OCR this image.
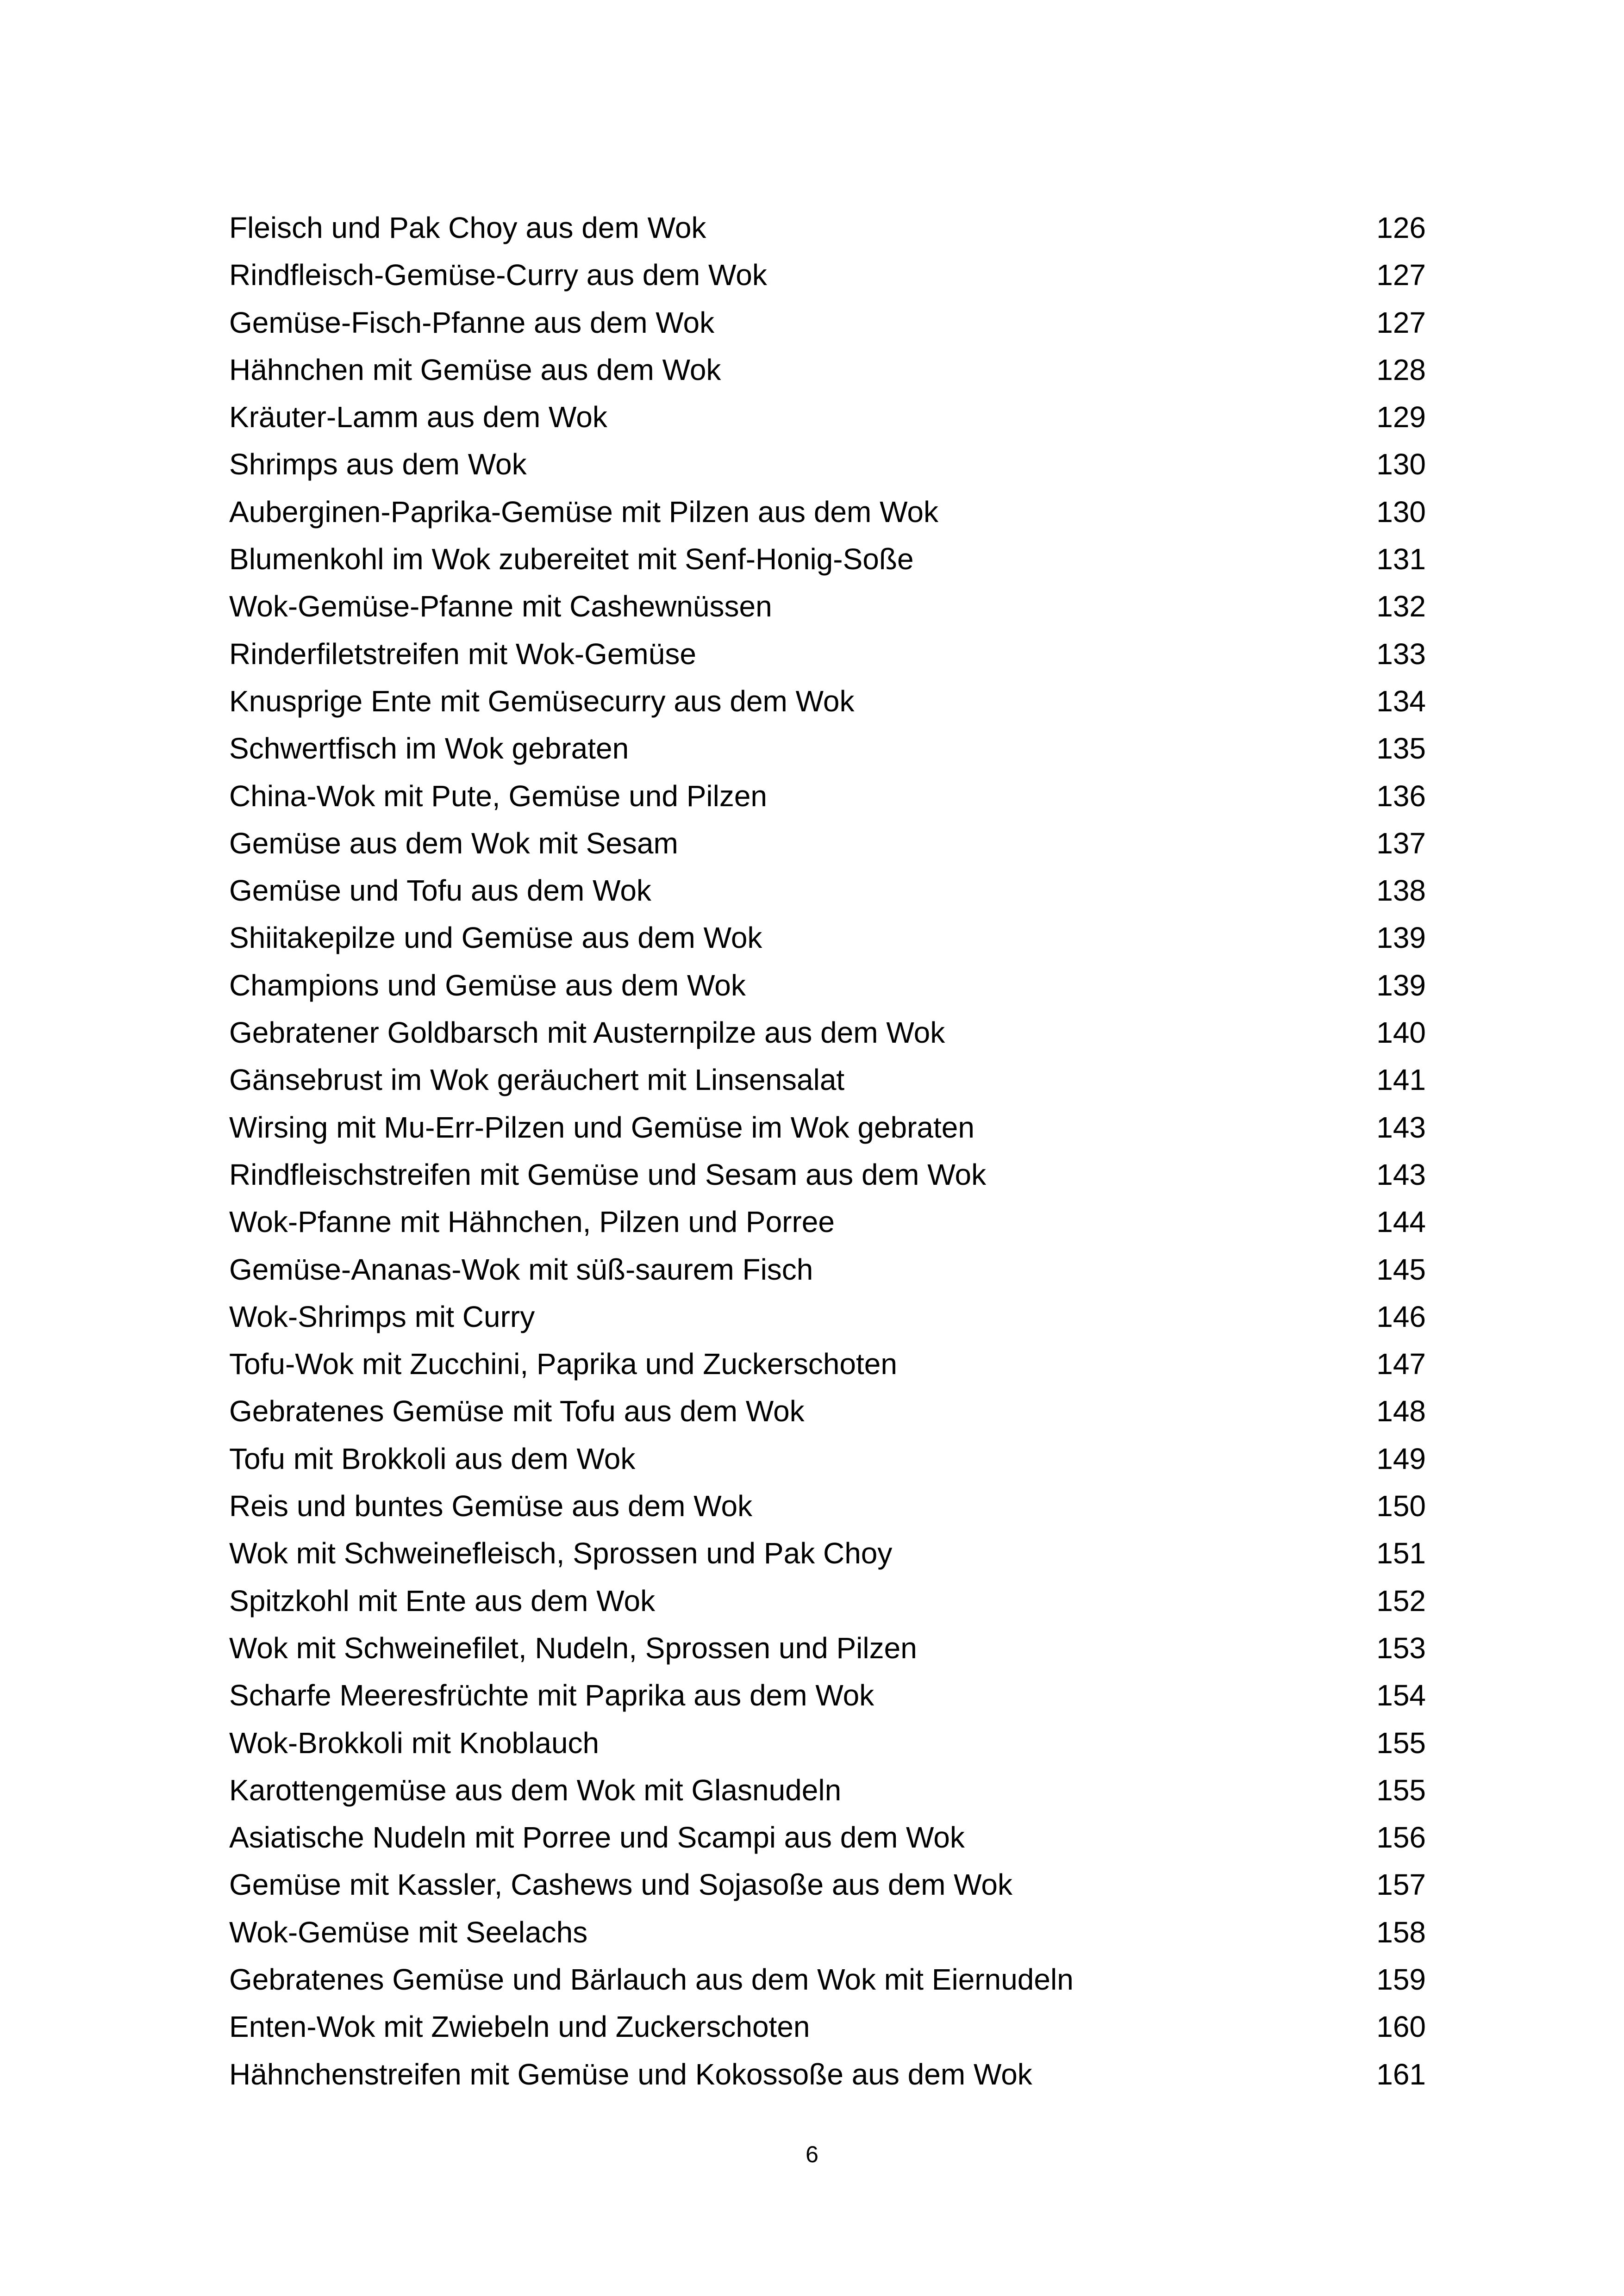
Fleisch und Pak Choy aus dem Wok	126
Rindfleisch-Gemüse-Curry aus dem Wok	127
Gemüse-Fisch-Pfanne aus dem Wok	127
Hähnchen mit Gemüse aus dem Wok	128
Kräuter-Lamm aus dem Wok	129
Shrimps aus dem Wok	130
Auberginen-Paprika-Gemüse mit Pilzen aus dem Wok	130
Blumenkohl im Wok zubereitet mit Senf-Honig-Soße	131
Wok-Gemüse-Pfanne mit Cashewnüssen	132
Rinderfiletstreifen mit Wok-Gemüse	133
Knusprige Ente mit Gemüsecurry aus dem Wok	134
Schwertfisch im Wok gebraten	135
China-Wok mit Pute, Gemüse und Pilzen	136
Gemüse aus dem Wok mit Sesam	137
Gemüse und Tofu aus dem Wok	138
Shiitakepilze und Gemüse aus dem Wok	139
Champions und Gemüse aus dem Wok	139
Gebratener Goldbarsch mit Austernpilze aus dem Wok	140
Gänsebrust im Wok geräuchert mit Linsensalat	141
Wirsing mit Mu-Err-Pilzen und Gemüse im Wok gebraten	143
Rindfleischstreifen mit Gemüse und Sesam aus dem Wok	143
Wok-Pfanne mit Hähnchen, Pilzen und Porree	144
Gemüse-Ananas-Wok mit süß-saurem Fisch	145
Wok-Shrimps mit Curry	146
Tofu-Wok mit Zucchini, Paprika und Zuckerschoten	147
Gebratenes Gemüse mit Tofu aus dem Wok	148
Tofu mit Brokkoli aus dem Wok	149
Reis und buntes Gemüse aus dem Wok	150
Wok mit Schweinefleisch, Sprossen und Pak Choy	151
Spitzkohl mit Ente aus dem Wok	152
Wok mit Schweinefilet, Nudeln, Sprossen und Pilzen	153
Scharfe Meeresfrüchte mit Paprika aus dem Wok	154
Wok-Brokkoli mit Knoblauch	155
Karottengemüse aus dem Wok mit Glasnudeln	155
Asiatische Nudeln mit Porree und Scampi aus dem Wok	156
Gemüse mit Kassler, Cashews und Sojasoße aus dem Wok	157
Wok-Gemüse mit Seelachs	158
Gebratenes Gemüse und Bärlauch aus dem Wok mit Eiernudeln	159
Enten-Wok mit Zwiebeln und Zuckerschoten	160
Hähnchenstreifen mit Gemüse und Kokossoße aus dem Wok	161
6
